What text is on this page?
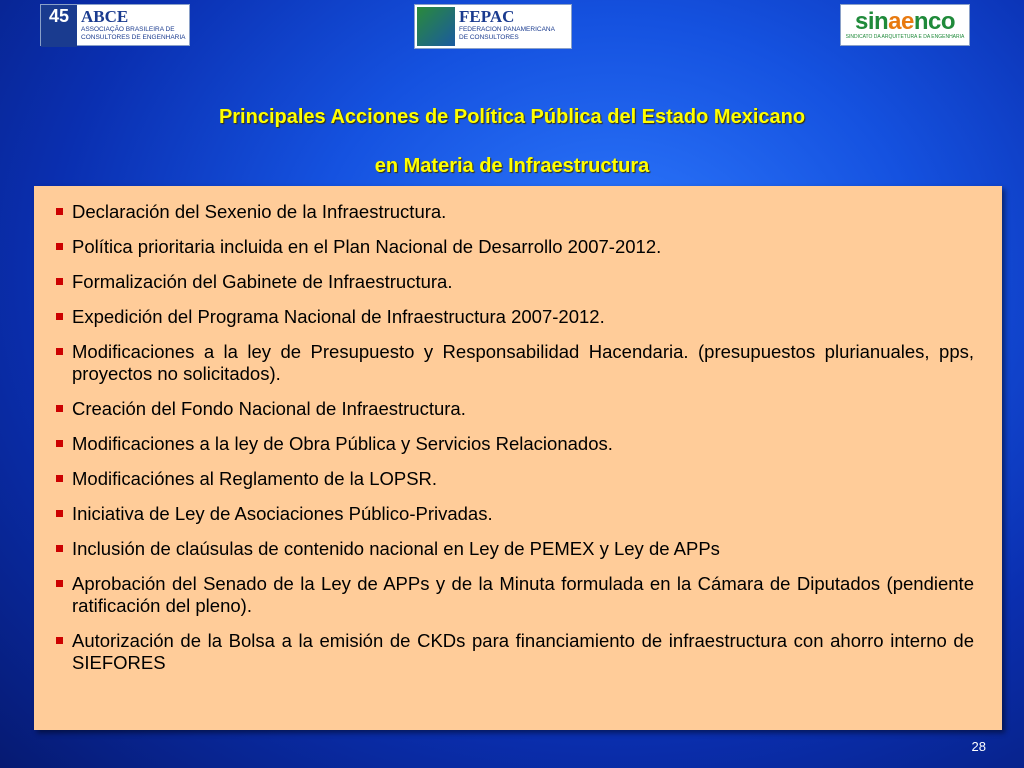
45 ABCE
ASSOCIAÇÃO BRASILEIRA DE
CONSULTORES DE ENGENHARIA
FEPAC
FEDERACION PANAMERICANA
DE CONSULTORES
sinaenco
SINDICATO DA ARQUITETURA E DA ENGENHARIA
Principales Acciones de Política Pública del Estado Mexicano
en Materia de Infraestructura
Declaración del Sexenio de la Infraestructura.
Política prioritaria incluida en el Plan Nacional de Desarrollo 2007-2012.
Formalización del Gabinete de Infraestructura.
Expedición del Programa Nacional de Infraestructura 2007-2012.
Modificaciones a la ley de Presupuesto y Responsabilidad Hacendaria. (presupuestos plurianuales, pps, proyectos no solicitados).
Creación del Fondo Nacional de Infraestructura.
Modificaciones a la ley de Obra Pública y Servicios Relacionados.
Modificaciónes al Reglamento de la LOPSR.
Iniciativa de Ley de Asociaciones Público-Privadas.
Inclusión de claúsulas de contenido nacional en Ley de PEMEX y Ley de APPs
Aprobación del Senado de la Ley de APPs y de la Minuta formulada en la Cámara de Diputados (pendiente ratificación del pleno).
Autorización de la Bolsa a la emisión de CKDs para financiamiento de infraestructura con ahorro interno de SIEFORES
28
